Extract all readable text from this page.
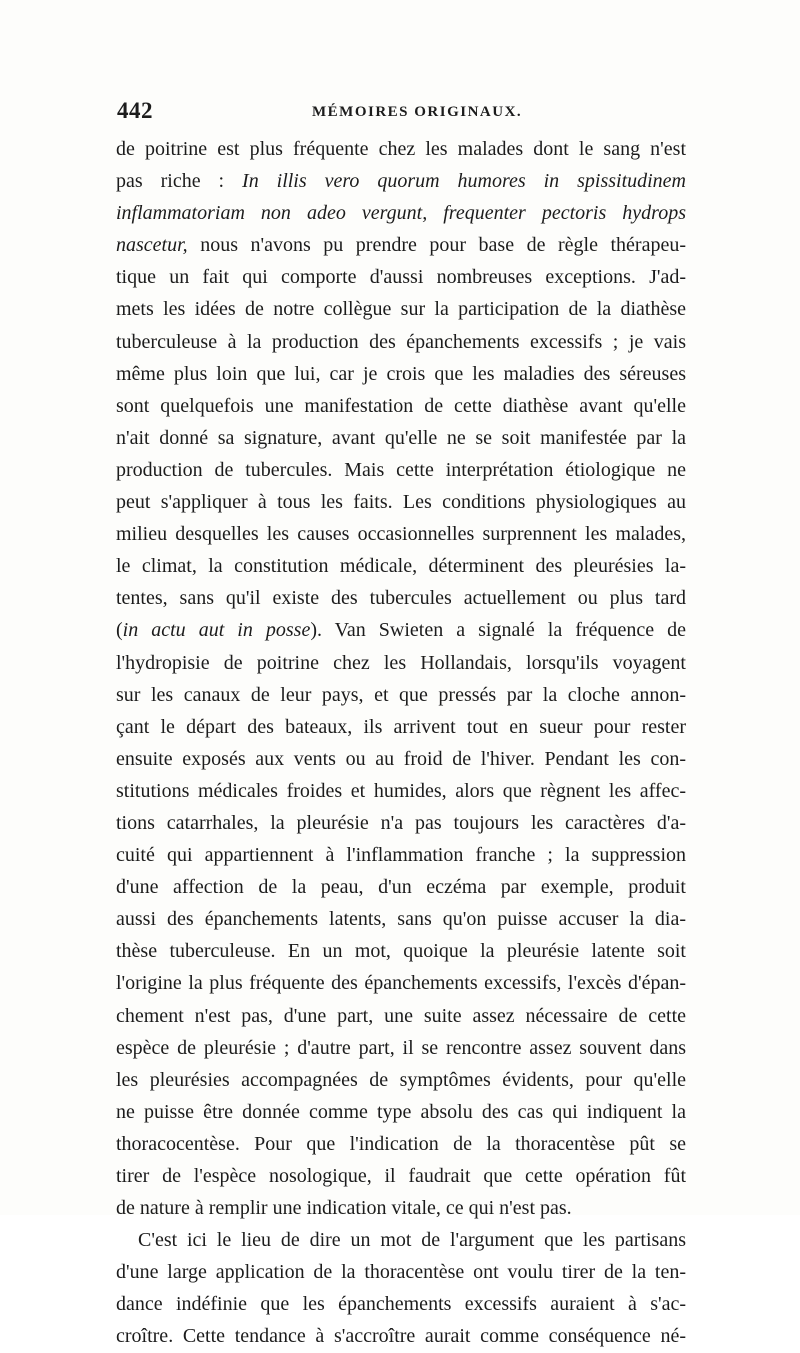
442	MÉMOIRES ORIGINAUX.
de poitrine est plus fréquente chez les malades dont le sang n'est
pas riche : In illis vero quorum humores in spissitudinem
inflammatoriam non adeo vergunt, frequenter pectoris hydrops
nascetur, nous n'avons pu prendre pour base de règle thérapeu-
tique un fait qui comporte d'aussi nombreuses exceptions. J'ad-
mets les idées de notre collègue sur la participation de la diathèse
tuberculeuse à la production des épanchements excessifs ; je vais
même plus loin que lui, car je crois que les maladies des séreuses
sont quelquefois une manifestation de cette diathèse avant qu'elle
n'ait donné sa signature, avant qu'elle ne se soit manifestée par la
production de tubercules. Mais cette interprétation étiologique ne
peut s'appliquer à tous les faits. Les conditions physiologiques au
milieu desquelles les causes occasionnelles surprennent les malades,
le climat, la constitution médicale, déterminent des pleurésies la-
tentes, sans qu'il existe des tubercules actuellement ou plus tard
(in actu aut in posse). Van Swieten a signalé la fréquence de
l'hydropisie de poitrine chez les Hollandais, lorsqu'ils voyagent
sur les canaux de leur pays, et que pressés par la cloche annon-
çant le départ des bateaux, ils arrivent tout en sueur pour rester
ensuite exposés aux vents ou au froid de l'hiver. Pendant les con-
stitutions médicales froides et humides, alors que règnent les affec-
tions catarrhales, la pleurésie n'a pas toujours les caractères d'a-
cuité qui appartiennent à l'inflammation franche ; la suppression
d'une affection de la peau, d'un eczéma par exemple, produit
aussi des épanchements latents, sans qu'on puisse accuser la dia-
thèse tuberculeuse. En un mot, quoique la pleurésie latente soit
l'origine la plus fréquente des épanchements excessifs, l'excès d'épan-
chement n'est pas, d'une part, une suite assez nécessaire de cette
espèce de pleurésie ; d'autre part, il se rencontre assez souvent dans
les pleurésies accompagnées de symptômes évidents, pour qu'elle
ne puisse être donnée comme type absolu des cas qui indiquent la
thoracocentèse. Pour que l'indication de la thoracentèse pût se
tirer de l'espèce nosologique, il faudrait que cette opération fût
de nature à remplir une indication vitale, ce qui n'est pas.
C'est ici le lieu de dire un mot de l'argument que les partisans
d'une large application de la thoracentèse ont voulu tirer de la ten-
dance indéfinie que les épanchements excessifs auraient à s'ac-
croître. Cette tendance à s'accroître aurait comme conséquence né-
